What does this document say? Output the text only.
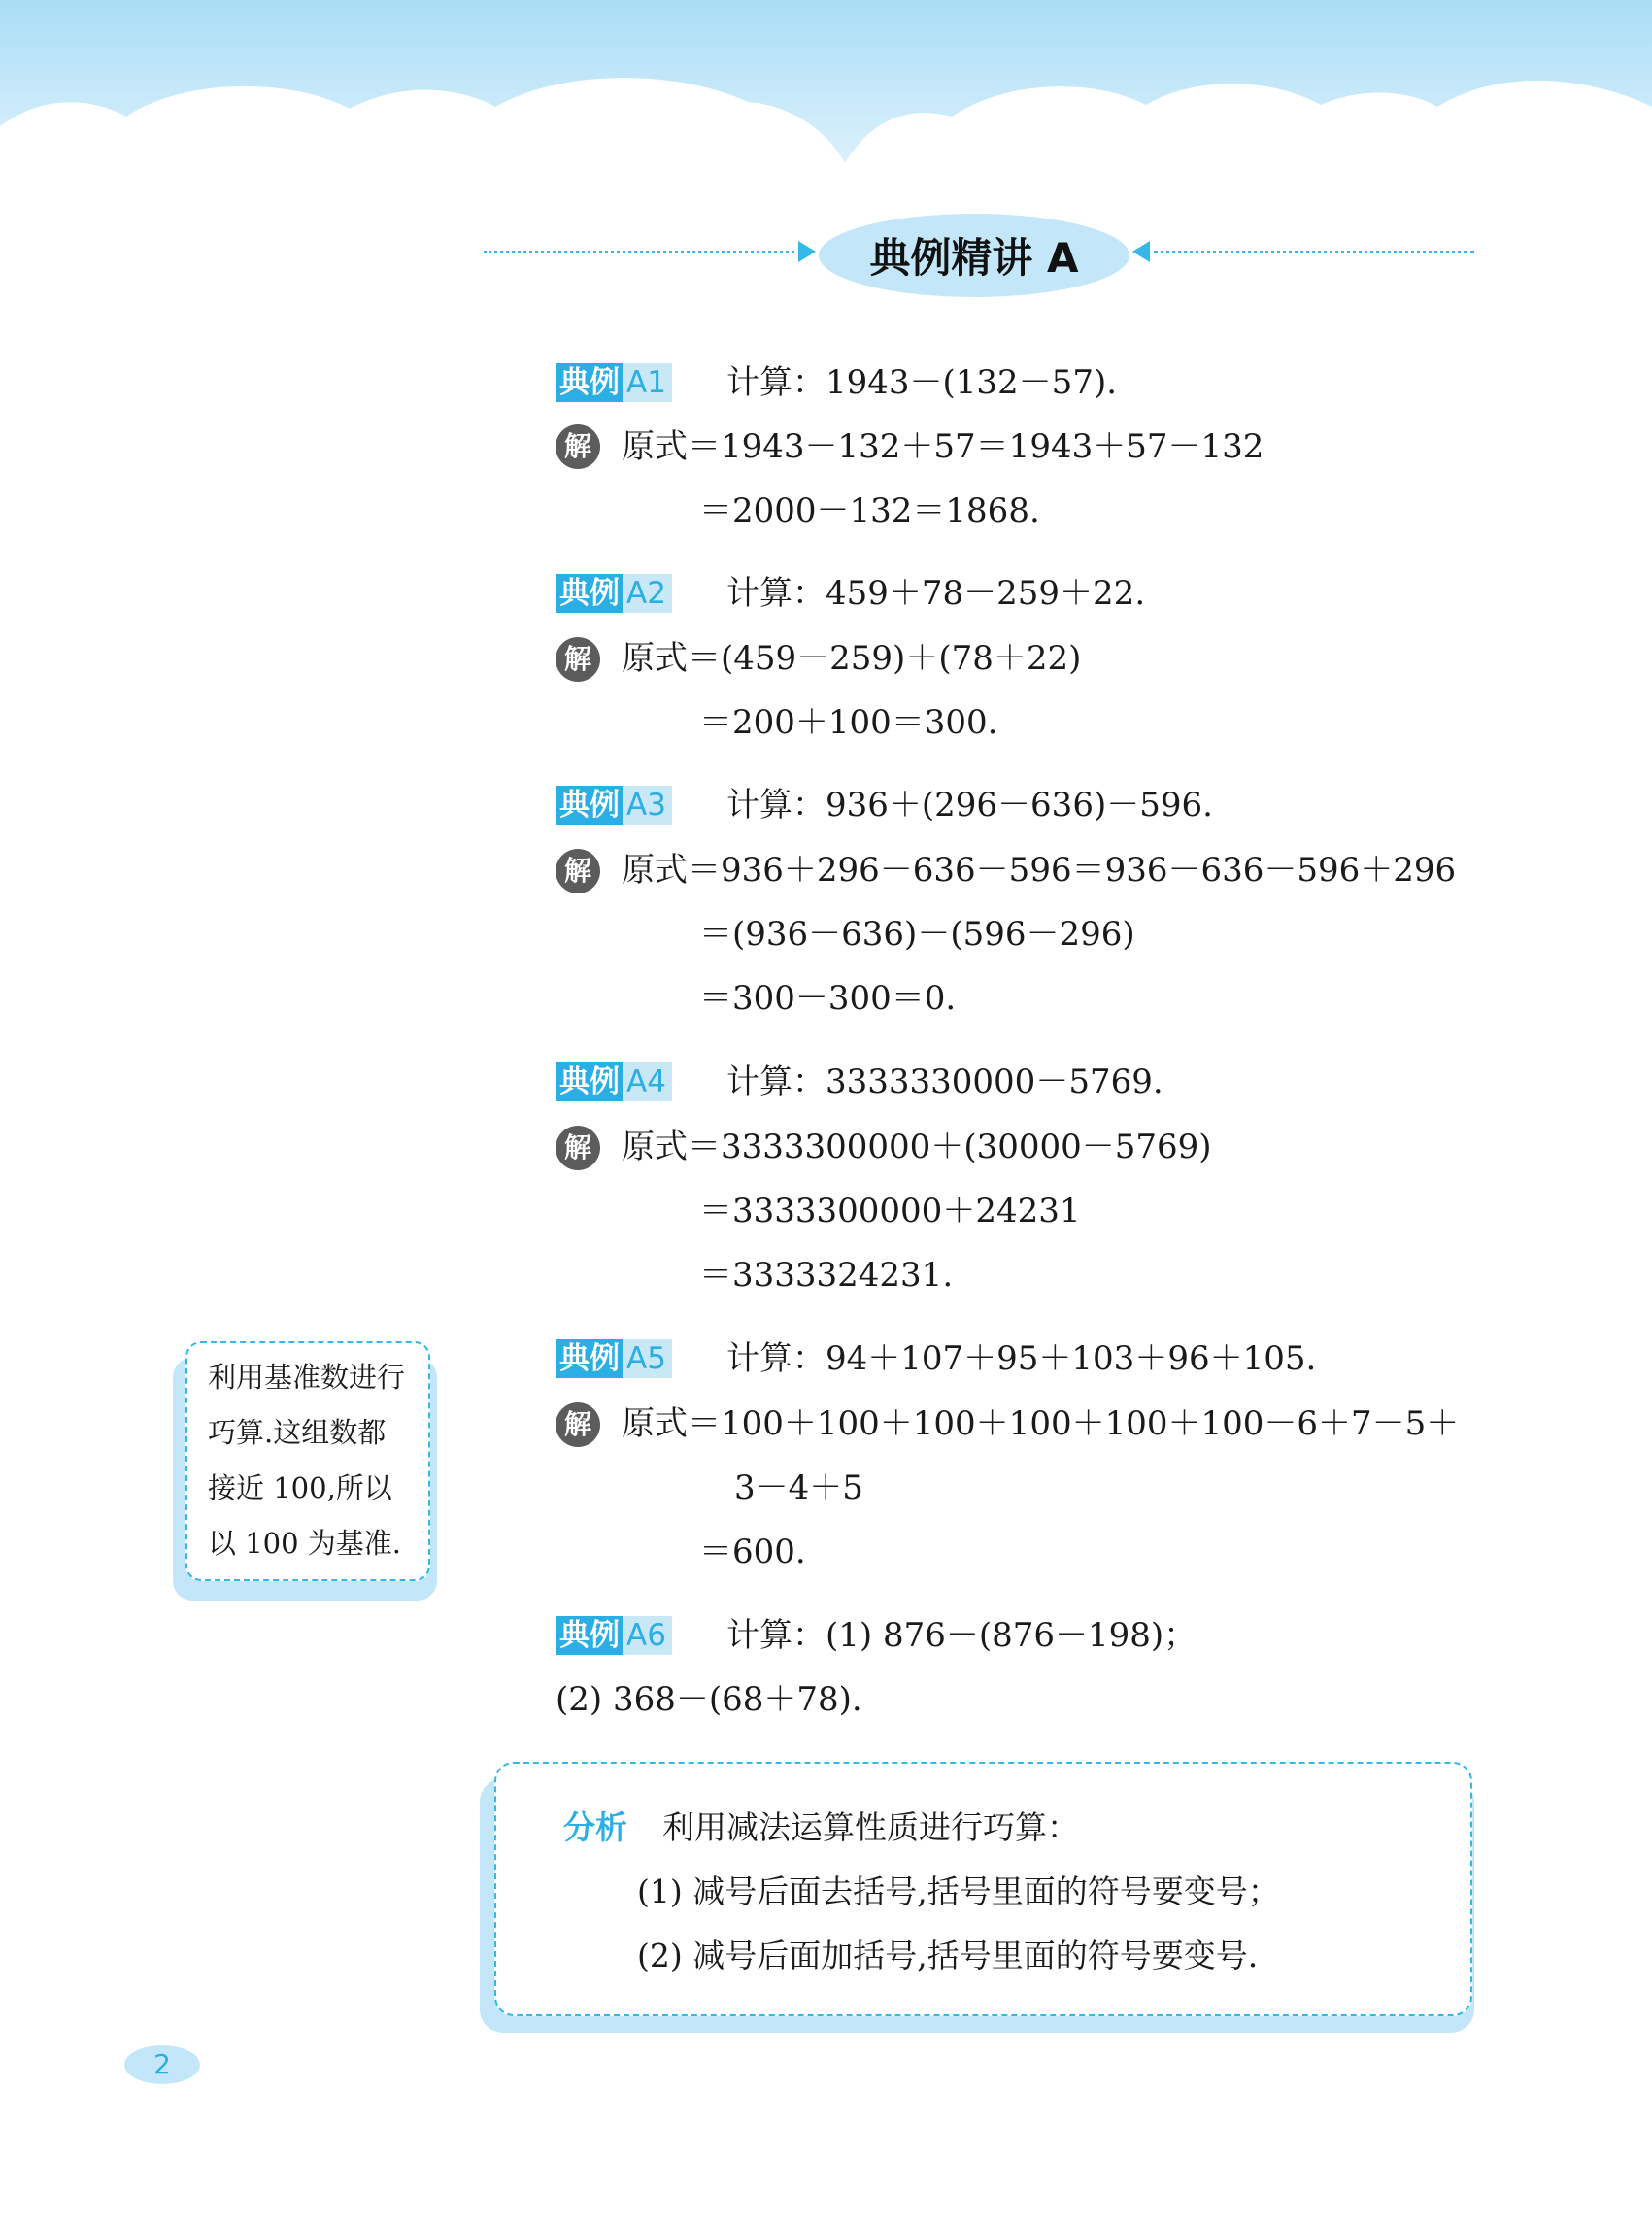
典例精讲 A
典例 A1 计算：1943－(132－57).
解 原式＝1943－132＋57＝1943＋57－132
＝2000－132＝1868.
典例 A2 计算：459＋78－259＋22.
解 原式＝(459－259)＋(78＋22)
＝200＋100＝300.
典例 A3 计算：936＋(296－636)－596.
解 原式＝936＋296－636－596＝936－636－596＋296
＝(936－636)－(596－296)
＝300－300＝0.
典例 A4 计算：3333330000－5769.
解 原式＝3333300000＋(30000－5769)
＝3333300000＋24231
＝3333324231.
利用基准数进行
巧算.这组数都
接近 100,所以
以 100 为基准.
典例 A5 计算：94＋107＋95＋103＋96＋105.
解 原式＝100＋100＋100＋100＋100＋100－6＋7－5＋
3－4＋5
＝600.
典例 A6 计算：(1) 876－(876－198)；
(2) 368－(68＋78).
分析 利用减法运算性质进行巧算：
(1) 减号后面去括号,括号里面的符号要变号；
(2) 减号后面加括号,括号里面的符号要变号.
2
